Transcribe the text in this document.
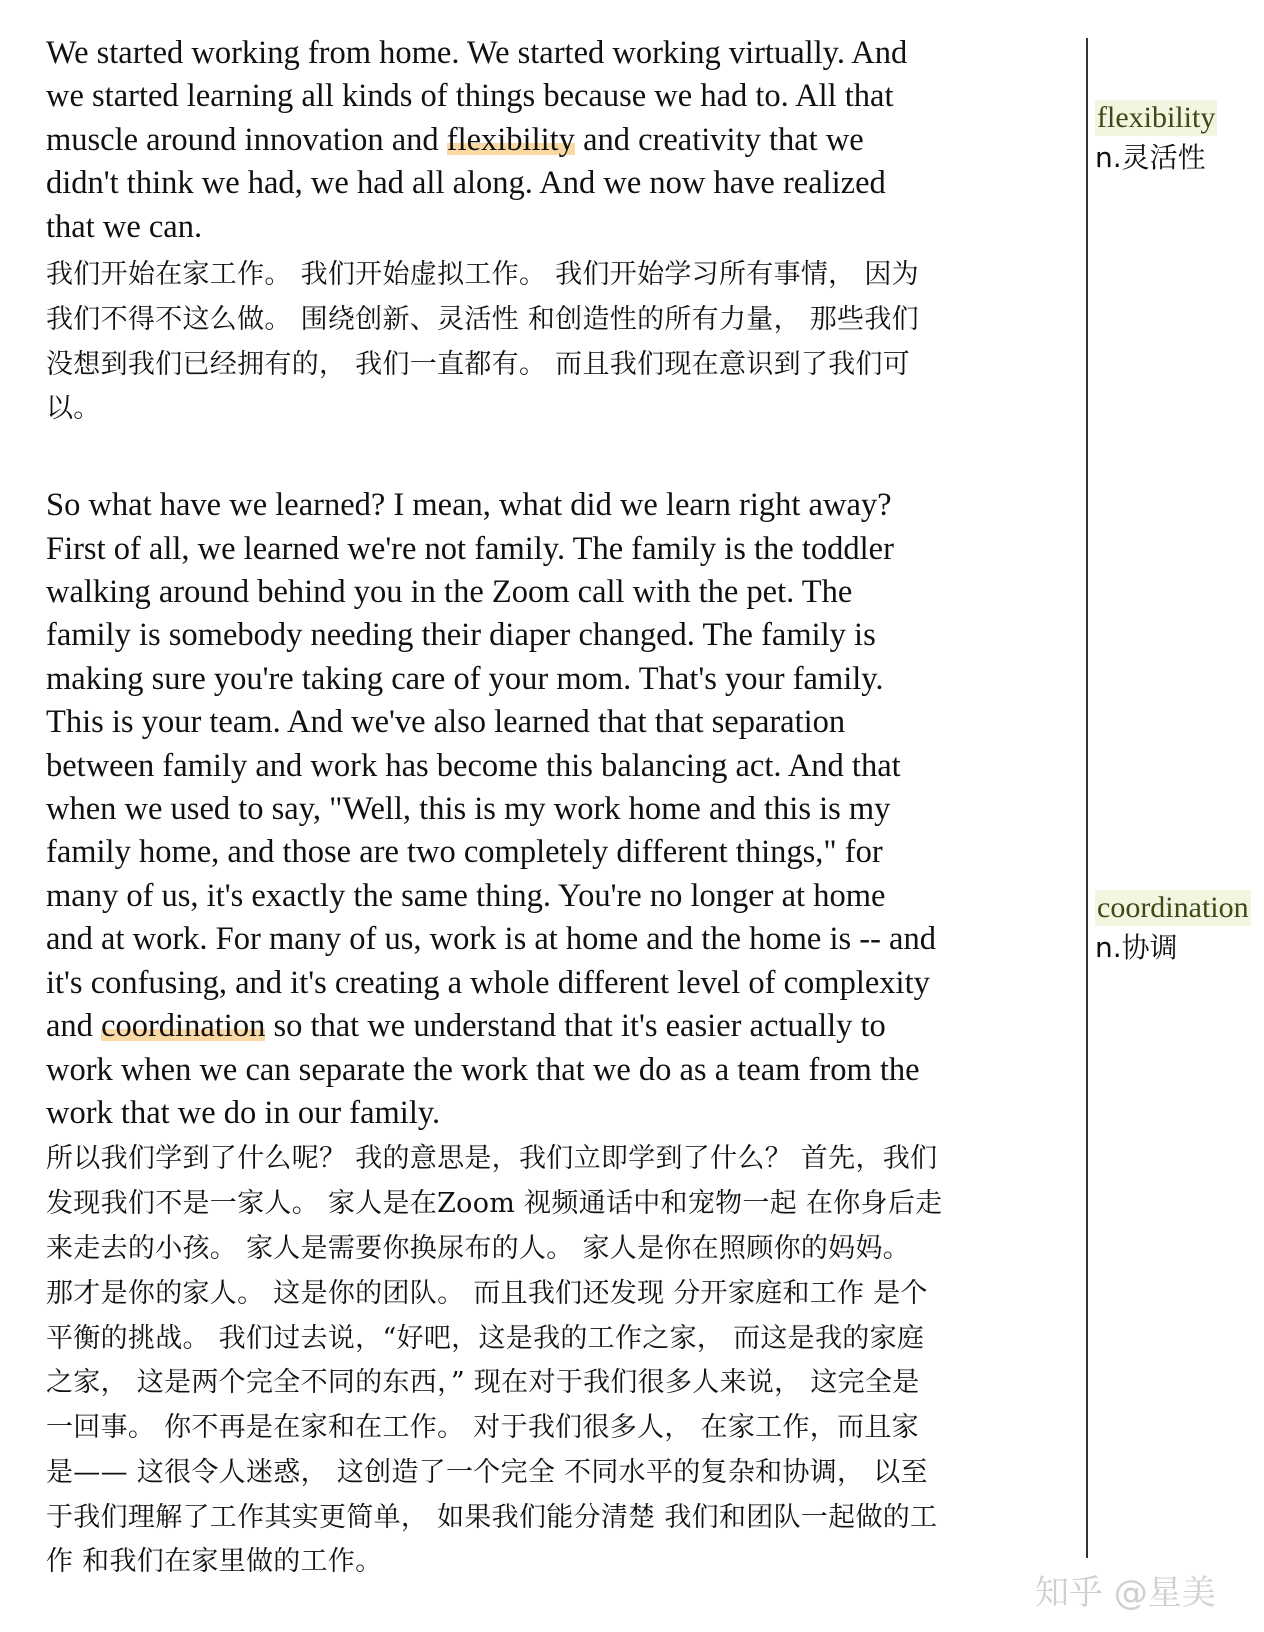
We started working from home. We started working virtually. And

we started learning all kinds of things because we had to. All that

muscle around innovation and flexibility and creativity that we

didn't think we had, we had all along. And we now have realized

that we can.

我们开始在家工作。 我们开始虚拟工作。 我们开始学习所有事情， 因为

我们不得不这么做。 围绕创新、灵活性 和创造性的所有力量， 那些我们

没想到我们已经拥有的， 我们一直都有。 而且我们现在意识到了我们可

以。

So what have we learned? I mean, what did we learn right away?

First of all, we learned we're not family. The family is the toddler

walking around behind you in the Zoom call with the pet. The

family is somebody needing their diaper changed. The family is

making sure you're taking care of your mom. That's your family.

This is your team. And we've also learned that that separation

between family and work has become this balancing act. And that

when we used to say, "Well, this is my work home and this is my

family home, and those are two completely different things," for

many of us, it's exactly the same thing. You're no longer at home

and at work. For many of us, work is at home and the home is -- and

it's confusing, and it's creating a whole different level of complexity

and coordination so that we understand that it's easier actually to

work when we can separate the work that we do as a team from the

work that we do in our family.

所以我们学到了什么呢？ 我的意思是，我们立即学到了什么？ 首先，我们

发现我们不是一家人。 家人是在Zoom 视频通话中和宠物一起 在你身后走

来走去的小孩。 家人是需要你换尿布的人。 家人是你在照顾你的妈妈。

那才是你的家人。 这是你的团队。 而且我们还发现 分开家庭和工作 是个

平衡的挑战。 我们过去说，“好吧，这是我的工作之家， 而这是我的家庭

之家， 这是两个完全不同的东西，” 现在对于我们很多人来说， 这完全是

一回事。 你不再是在家和在工作。 对于我们很多人， 在家工作，而且家

是—— 这很令人迷惑， 这创造了一个完全 不同水平的复杂和协调， 以至

于我们理解了工作其实更简单， 如果我们能分清楚 我们和团队一起做的工

作 和我们在家里做的工作。

flexibility
n.灵活性
coordination
n.协调
知乎 @星美
